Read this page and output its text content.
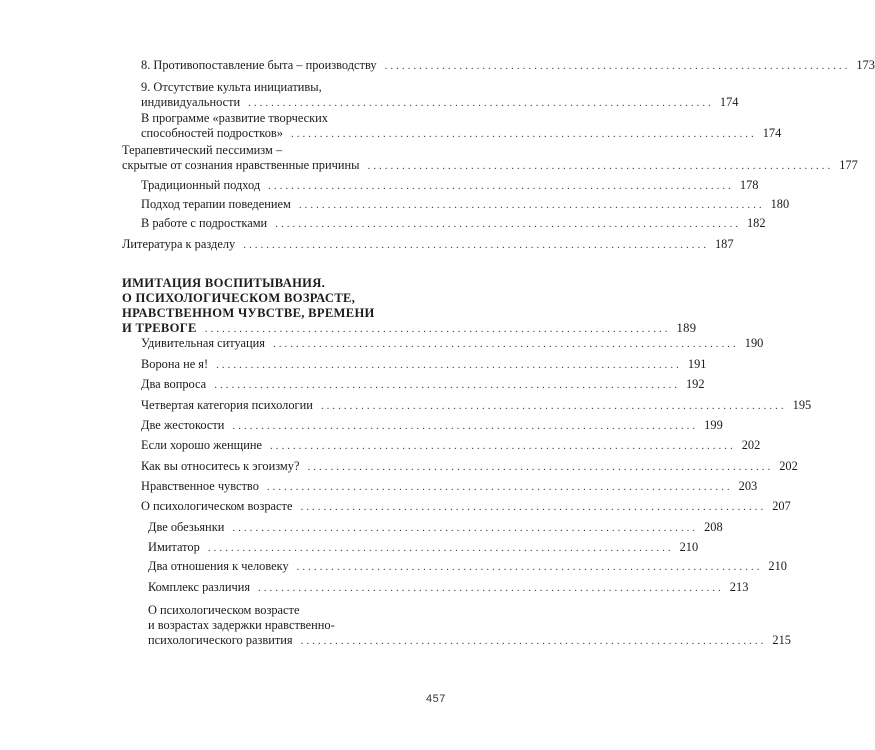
8. Противопоставление быта – производству ................................................................................. 173
9. Отсутствие культа инициативы,
индивидуальности ................................................................................. 174
В программе «развитие творческих
способностей подростков» ................................................................................. 174
Терапевтический пессимизм –
скрытые от сознания нравственные причины ................................................................................. 177
Традиционный подход ................................................................................. 178
Подход терапии поведением ................................................................................. 180
В работе с подростками ................................................................................. 182
Литература к разделу ................................................................................. 187
ИМИТАЦИЯ ВОСПИТЫВАНИЯ.
О ПСИХОЛОГИЧЕСКОМ ВОЗРАСТЕ,
НРАВСТВЕННОМ ЧУВСТВЕ, ВРЕМЕНИ
И ТРЕВОГЕ ................................................................................. 189
Удивительная ситуация ................................................................................. 190
Ворона не я! ................................................................................. 191
Два вопроса ................................................................................. 192
Четвертая категория психологии ................................................................................. 195
Две жестокости ................................................................................. 199
Если хорошо женщине ................................................................................. 202
Как вы относитесь к эгоизму? ................................................................................. 202
Нравственное чувство ................................................................................. 203
О психологическом возрасте ................................................................................. 207
Две обезьянки ................................................................................. 208
Имитатор ................................................................................. 210
Два отношения к человеку ................................................................................. 210
Комплекс различия ................................................................................. 213
О психологическом возрасте
и возрастах задержки нравственно-
психологического развития ................................................................................. 215
457
